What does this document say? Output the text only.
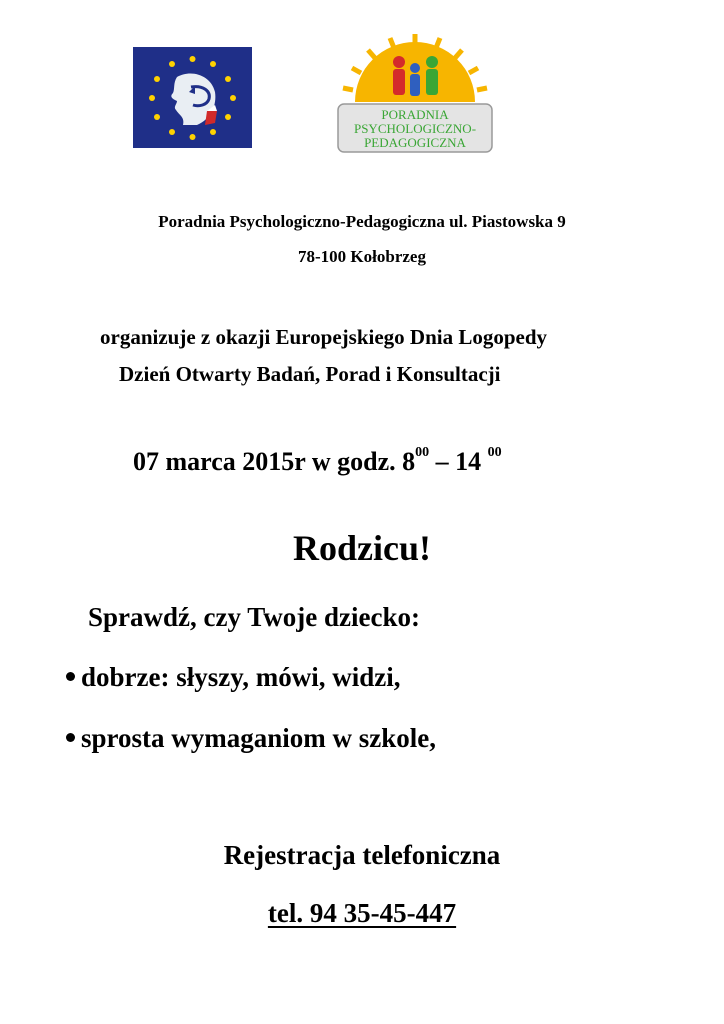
PORADNIA
PSYCHOLOGICZNO-
PEDAGOGICZNA
Poradnia Psychologiczno-Pedagogiczna ul. Piastowska 9
78-100 Kołobrzeg
organizuje z okazji Europejskiego Dnia Logopedy
Dzień Otwarty Badań, Porad i Konsultacji
07 marca 2015r w godz. $8^{00} - 14$ $^{00}$
Rodzicu!
Sprawdź, czy Twoje dziecko:
dobrze: słyszy, mówi, widzi,
sprosta wymaganiom w szkole,
Rejestracja telefoniczna
tel. 94 35-45-447
